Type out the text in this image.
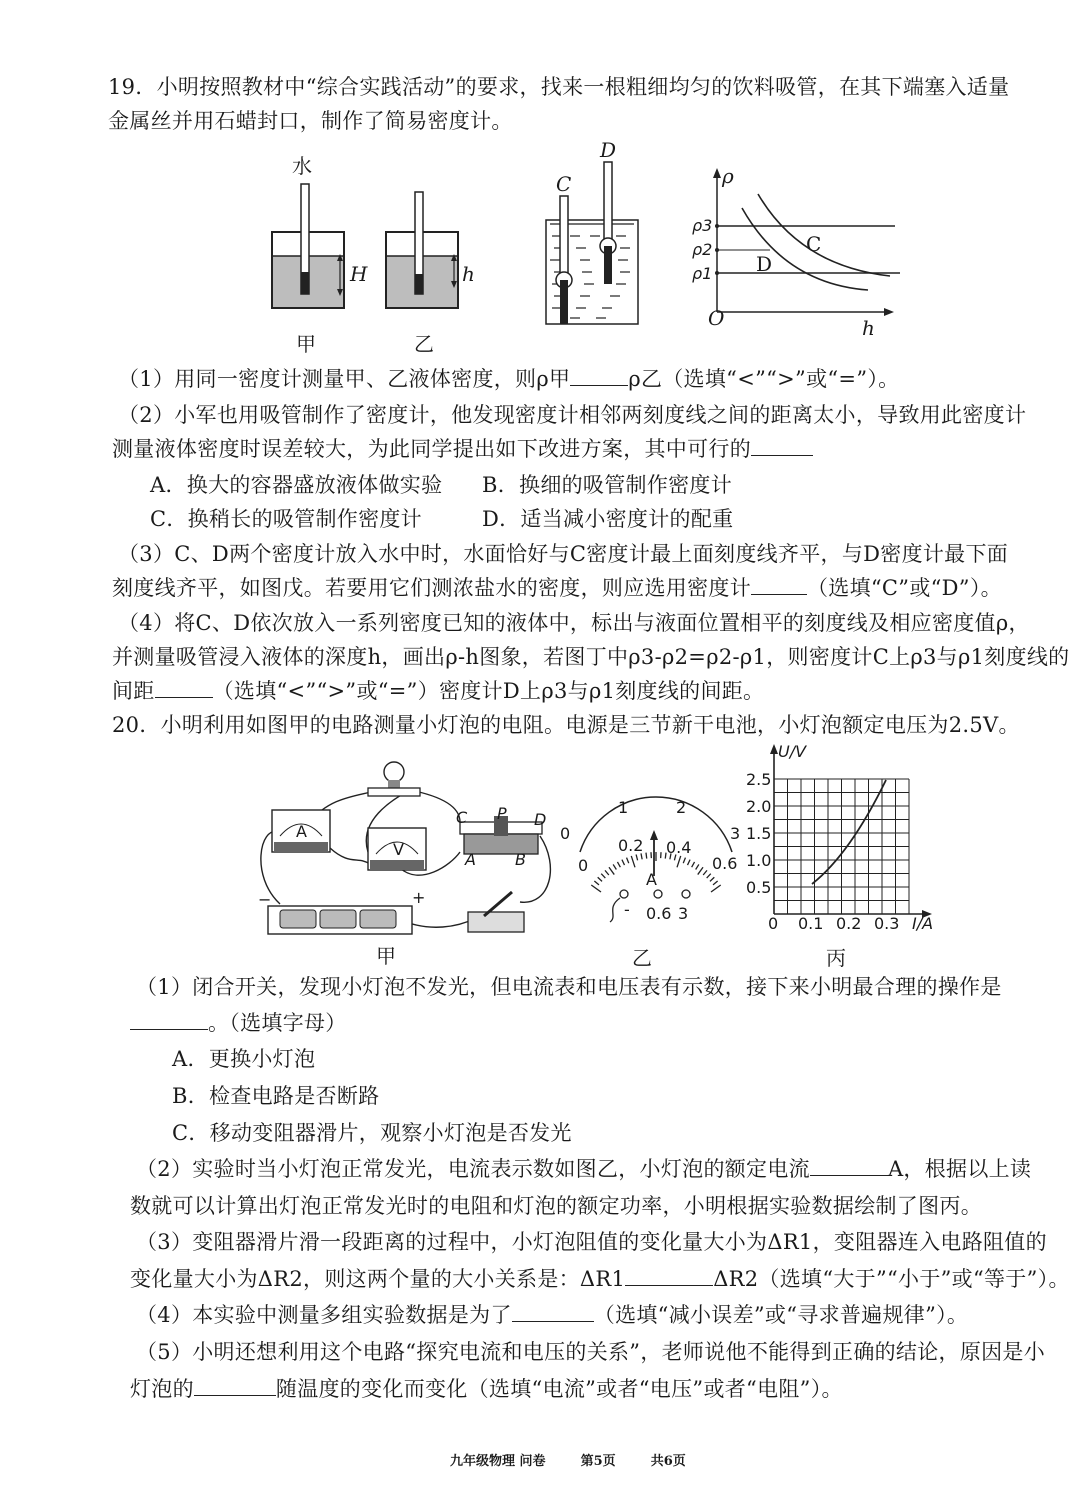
19．小明按照教材中“综合实践活动”的要求，找来一根粗细均匀的饮料吸管，在其下端塞入适量
金属丝并用石蜡封口，制作了简易密度计。
水
H	h
甲	乙
C
D
ρ
ρ3
ρ2
ρ1
O	h
C
D
（1）用同一密度计测量甲、乙液体密度，则ρ甲	ρ乙（选填“<”“>”或“=”）。
（2）小军也用吸管制作了密度计，他发现密度计相邻两刻度线之间的距离太小，导致用此密度计
测量液体密度时误差较大，为此同学提出如下改进方案，其中可行的
A．换大的容器盛放液体做实验 B．换细的吸管制作密度计
C．换稍长的吸管制作密度计	D．适当减小密度计的配重
（3）C、D两个密度计放入水中时，水面恰好与C密度计最上面刻度线齐平，与D密度计最下面
刻度线齐平，如图戊。若要用它们测浓盐水的密度，则应选用密度计	（选填“C”或“D”）。
（4）将C、D依次放入一系列密度已知的液体中，标出与液面位置相平的刻度线及相应密度值ρ，
并测量吸管浸入液体的深度h，画出ρ-h图象，若图丁中ρ3-ρ2=ρ2-ρ1，则密度计C上ρ3与ρ1刻度线的
间距	（选填“<”“>”或“=”）密度计D上ρ3与ρ1刻度线的间距。
20．小明利用如图甲的电路测量小灯泡的电阻。电源是三节新干电池，小灯泡额定电压为2.5V。
A
V
C P D
A B
−	+
甲
0
1	2
3
0.2 0.4
0	0.6
A
- 0.6 3
乙
U/V
2.5
2.0
1.5
1.0
0.5
0 0.1 0.2 0.3 I/A
丙
（1）闭合开关，发现小灯泡不发光，但电流表和电压表有示数，接下来小明最合理的操作是
。（选填字母）
A．更换小灯泡
B．检查电路是否断路
C．移动变阻器滑片，观察小灯泡是否发光
（2）实验时当小灯泡正常发光，电流表示数如图乙，小灯泡的额定电流	A，根据以上读
数就可以计算出灯泡正常发光时的电阻和灯泡的额定功率，小明根据实验数据绘制了图丙。
（3）变阻器滑片滑一段距离的过程中，小灯泡阻值的变化量大小为ΔR1，变阻器连入电路阻值的
变化量大小为ΔR2，则这两个量的大小关系是：ΔR1	ΔR2（选填“大于”“小于”或“等于”）。
（4）本实验中测量多组实验数据是为了	（选填“减小误差”或“寻求普遍规律”）。
（5）小明还想利用这个电路“探究电流和电压的关系”，老师说他不能得到正确的结论，原因是小
灯泡的	随温度的变化而变化（选填“电流”或者“电压”或者“电阻”）。
九年级物理 问卷	第5页	共6页
